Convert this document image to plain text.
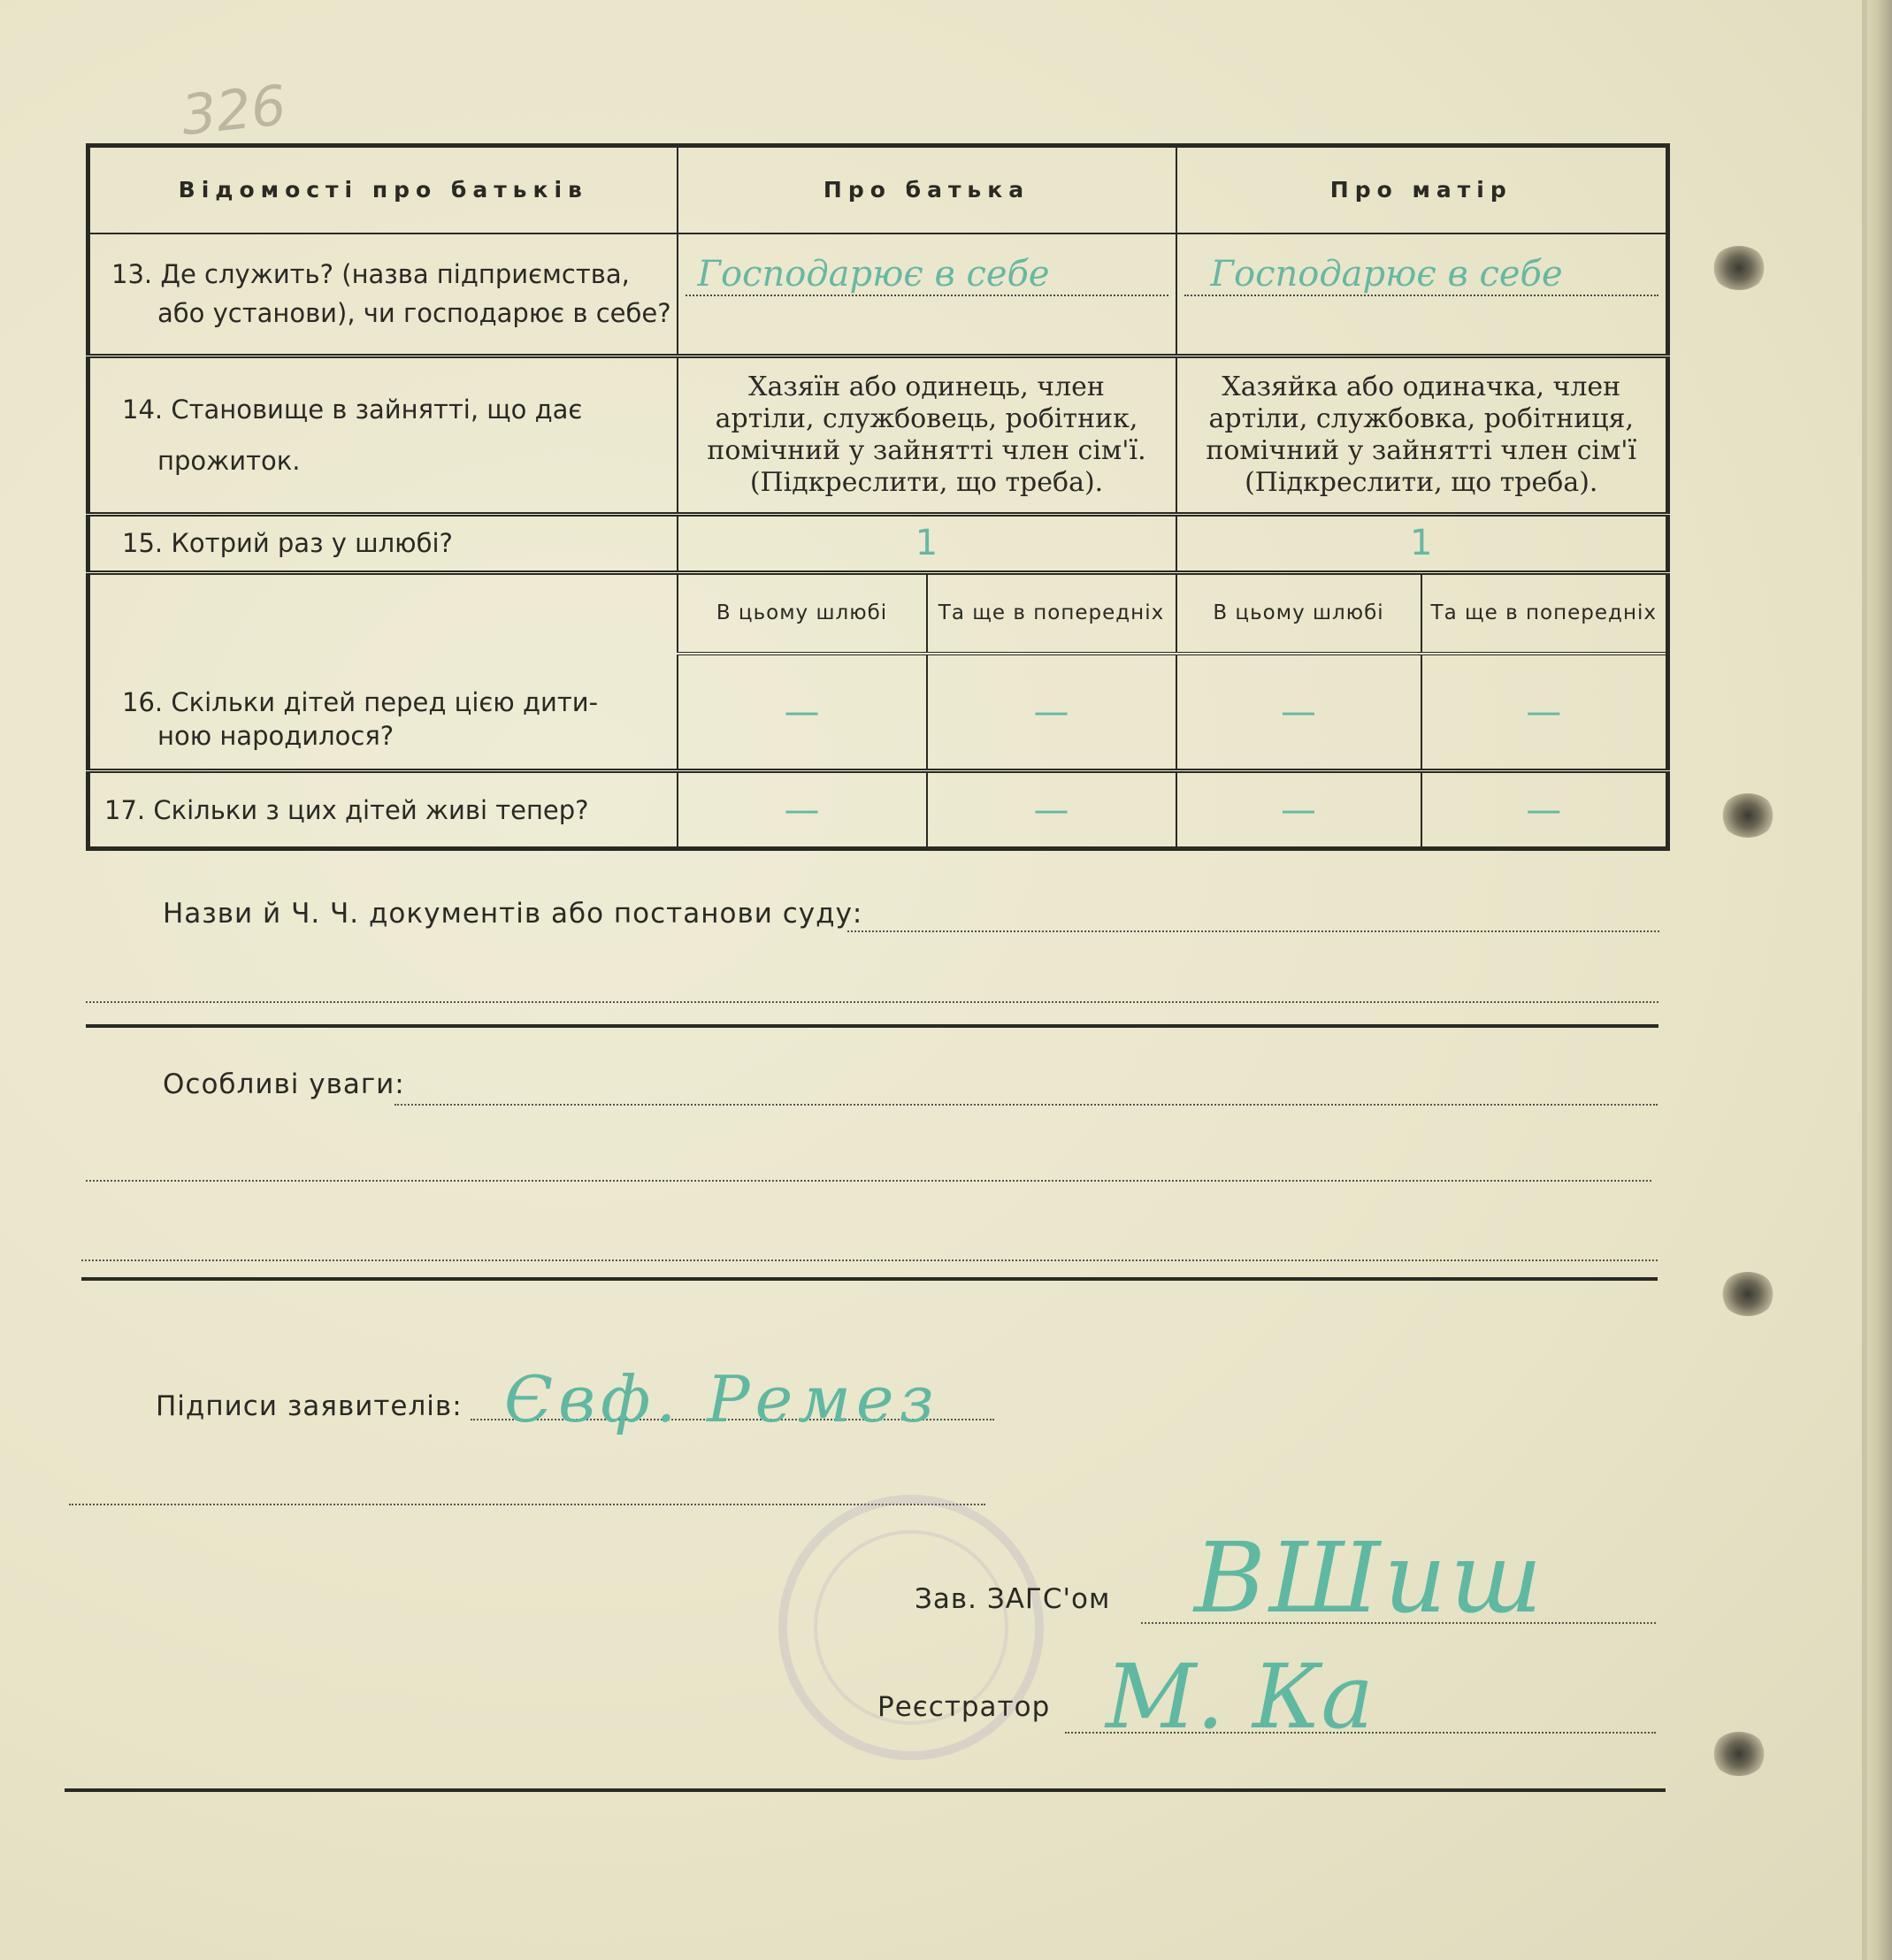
326
Відомості про батьків	Про батька		Про матір	
13. Де служить? (назва підприємства,
або установи), чи господарює в себе?	Господарює в себе		Господарює в себе	

14. Становище в зайнятті, що дає
прожиток.	Хазяїн або одинець, член артіли, службовець, робітник, помічний у зайнятті член сім'ї. (Підкреслити, що треба).		Хазяйка або одиначка, член артіли, службовка, робітниця, помічний у зайнятті член сім'ї (Підкреслити, що треба).	
15. Котрий раз у шлюбі?	1		1	
16. Скільки дітей перед цією дити-
ною народилося?	В цьому шлюбі	Та ще в попередніх	В цьому шлюбі	Та ще в попередніх
	—	—	—	—
17. Скільки з цих дітей живі тепер?	—	—	—	—
Назви й Ч. Ч. документів або постанови суду:
Особливі уваги:
Підписи заявителів: Євф. Ремез
Зав. ЗАГС'ом ВШиш
Реєстратор М. Ка
